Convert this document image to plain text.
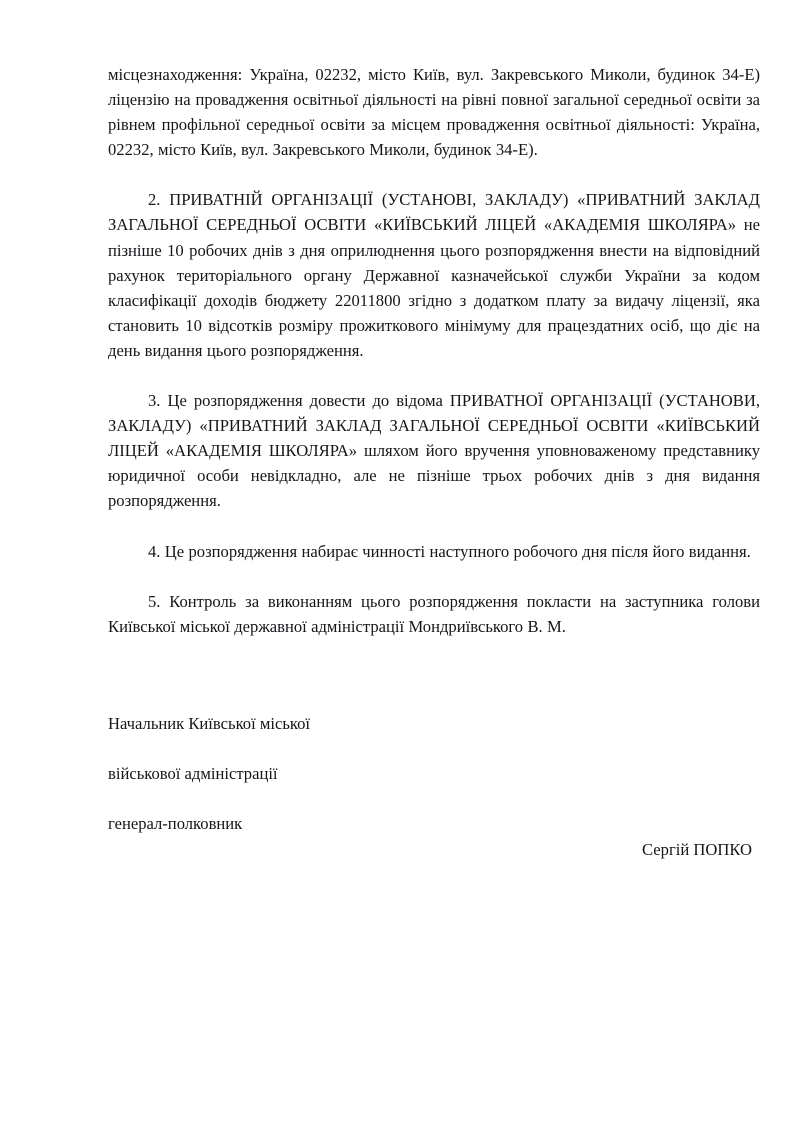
місцезнаходження: Україна, 02232, місто Київ, вул. Закревського Миколи, будинок 34-Е) ліцензію на провадження освітньої діяльності на рівні повної загальної середньої освіти за рівнем профільної середньої освіти за місцем провадження освітньої діяльності: Україна, 02232, місто Київ, вул. Закревського Миколи, будинок 34-Е).

2. ПРИВАТНІЙ ОРГАНІЗАЦІЇ (УСТАНОВІ, ЗАКЛАДУ) «ПРИВАТНИЙ ЗАКЛАД ЗАГАЛЬНОЇ СЕРЕДНЬОЇ ОСВІТИ «КИЇВСЬКИЙ ЛІЦЕЙ «АКАДЕМІЯ ШКОЛЯРА» не пізніше 10 робочих днів з дня оприлюднення цього розпорядження внести на відповідний рахунок територіального органу Державної казначейської служби України за кодом класифікації доходів бюджету 22011800 згідно з додатком плату за видачу ліцензії, яка становить 10 відсотків розміру прожиткового мінімуму для працездатних осіб, що діє на день видання цього розпорядження.

3. Це розпорядження довести до відома ПРИВАТНОЇ ОРГАНІЗАЦІЇ (УСТАНОВИ, ЗАКЛАДУ) «ПРИВАТНИЙ ЗАКЛАД ЗАГАЛЬНОЇ СЕРЕДНЬОЇ ОСВІТИ «КИЇВСЬКИЙ ЛІЦЕЙ «АКАДЕМІЯ ШКОЛЯРА» шляхом його вручення уповноваженому представнику юридичної особи невідкладно, але не пізніше трьох робочих днів з дня видання розпорядження.

4. Це розпорядження набирає чинності наступного робочого дня після його видання.

5. Контроль за виконанням цього розпорядження покласти на заступника голови Київської міської державної адміністрації Мондриївського В. М.

Начальник Київської міської

військової адміністрації

генерал-полковник

Сергій ПОПКО
